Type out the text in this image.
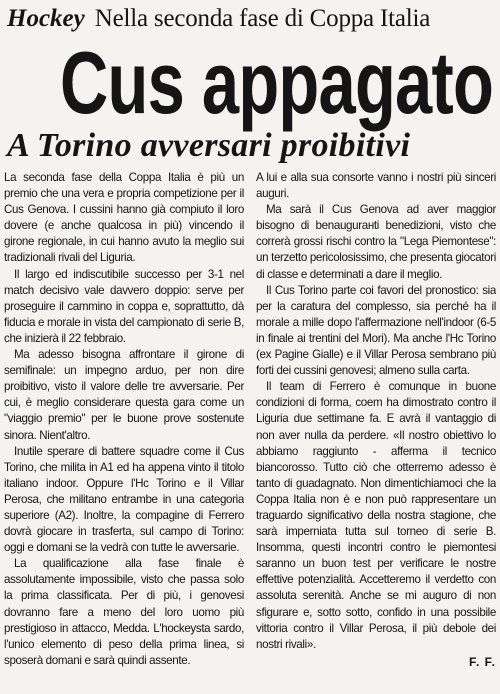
Hockey Nella seconda fase di Coppa Italia
Cus appagato
A Torino avversari proibitivi

La seconda fase della Coppa Italia è più un premio che una vera e propria competizione per il Cus Genova. I cussini hanno già compiuto il loro dovere (e anche qualcosa in più) vincendo il girone regionale, in cui hanno avuto la meglio sui tradizionali rivali del Liguria.

Il largo ed indiscutibile successo per 3-1 nel match decisivo vale davvero doppio: serve per proseguire il cammino in coppa e, soprattutto, dà fiducia e morale in vista del campionato di serie B, che inizierà il 22 febbraio.

Ma adesso bisogna affrontare il girone di semifinale: un impegno arduo, per non dire proibitivo, visto il valore delle tre avversarie. Per cui, è meglio considerare questa gara come un "viaggio premio" per le buone prove sostenute sinora. Nient'altro.

Inutile sperare di battere squadre come il Cus Torino, che milita in A1 ed ha appena vinto il titolo italiano indoor. Oppure l'Hc Torino e il Villar Perosa, che militano entrambe in una categoria superiore (A2). Inoltre, la compagine di Ferrero dovrà giocare in trasferta, sul campo di Torino: oggi e domani se la vedrà con tutte le avversarie.

La qualificazione alla fase finale è assolutamente impossibile, visto che passa solo la prima classificata. Per di più, i genovesi dovranno fare a meno del loro uomo più prestigioso in attacco, Medda. L'hockeysta sardo, l'unico elemento di peso della prima linea, si sposerà domani e sarà quindi assente.

A lui e alla sua consorte vanno i nostri più sinceri auguri.

Ma sarà il Cus Genova ad aver maggior bisogno di benaugurанti benedizioni, visto che correrà grossi rischi contro la "Lega Piemontese": un terzetto pericolosissimo, che presenta giocatori di classe e determinati a dare il meglio.

Il Cus Torino parte coi favori del pronostico: sia per la caratura del complesso, sia perché ha il morale a mille dopo l'affermazione nell'indoor (6-5 in finale ai trentini del Mori). Ma anche l'Hc Torino (ex Pagine Gialle) e il Villar Perosa sembrano più forti dei cussini genovesi; almeno sulla carta.

Il team di Ferrero è comunque in buone condizioni di forma, coem ha dimostrato contro il Liguria due settimane fa. E avrà il vantaggio di non aver nulla da perdere. «Il nostro obiettivo lo abbiamo raggiunto - afferma il tecnico biancorosso. Tutto ciò che otterremo adesso è tanto di guadagnato. Non dimentichiamoci che la Coppa Italia non è e non può rappresentare un traguardo significativo della nostra stagione, che sarà imperniata tutta sul torneo di serie B. Insomma, questi incontri contro le piemontesi saranno un buon test per verificare le nostre effettive potenzialità. Accetteremo il verdetto con assoluta serenità. Anche se mi auguro di non sfigurare e, sotto sotto, confido in una possibile vittoria contro il Villar Perosa, il più debole dei nostri rivali».

F. F.
